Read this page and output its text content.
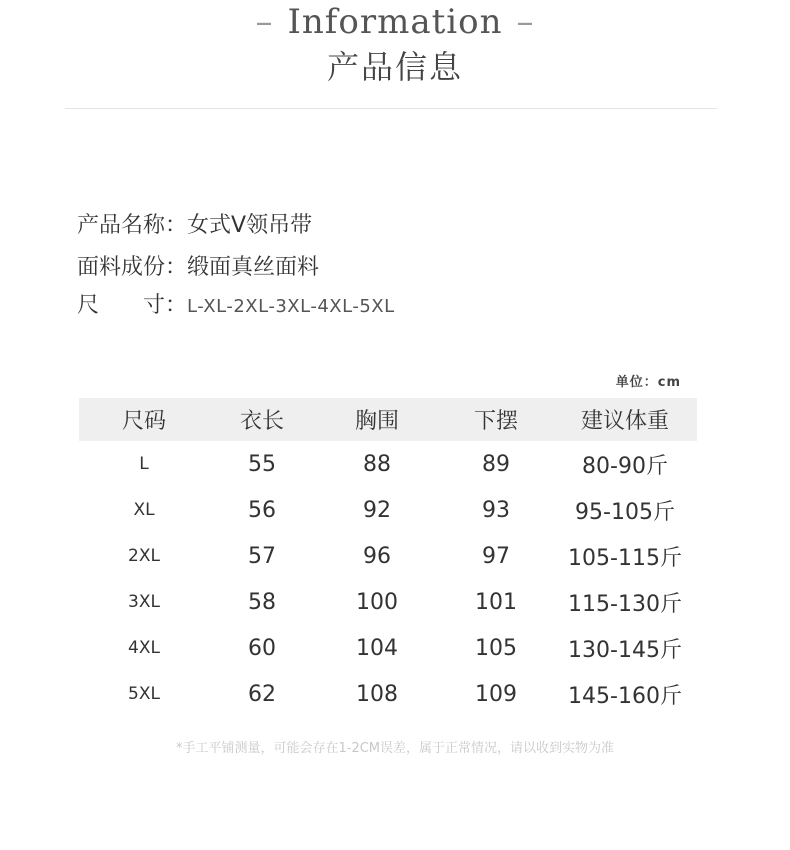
– Information –
产品信息
产品名称：女式V领吊带
面料成份：缎面真丝面料
尺　　寸：L-XL-2XL-3XL-4XL-5XL
单位：cm
尺码	衣长	胸围	下摆	建议体重
L	55	88	89	80-90斤
XL	56	92	93	95-105斤
2XL	57	96	97	105-115斤
3XL	58	100	101	115-130斤
4XL	60	104	105	130-145斤
5XL	62	108	109	145-160斤
*手工平铺测量，可能会存在1-2CM误差，属于正常情况，请以收到实物为准
